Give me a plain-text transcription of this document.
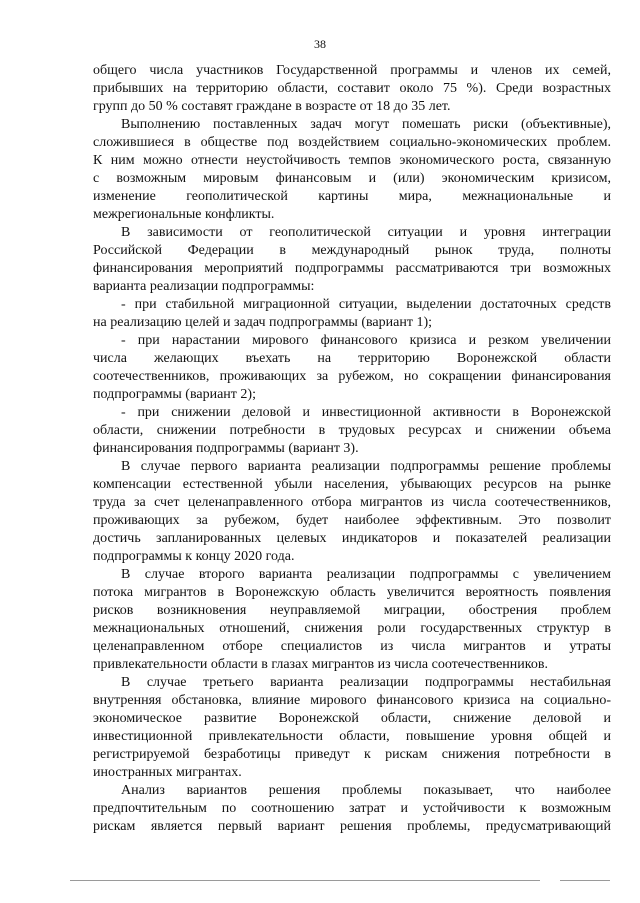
38
общего числа участников Государственной программы и членов их семей,
прибывших на территорию области, составит около 75 %). Среди возрастных
групп до 50 % составят граждане в возрасте от 18 до 35 лет.
Выполнению поставленных задач могут помешать риски (объективные),
сложившиеся в обществе под воздействием социально-экономических проблем.
К ним можно отнести неустойчивость темпов экономического роста, связанную
с возможным мировым финансовым и (или) экономическим кризисом,
изменение геополитической картины мира, межнациональные и
межрегиональные конфликты.
В зависимости от геополитической ситуации и уровня интеграции
Российской Федерации в международный рынок труда, полноты
финансирования мероприятий подпрограммы рассматриваются три возможных
варианта реализации подпрограммы:
- при стабильной миграционной ситуации, выделении достаточных средств
на реализацию целей и задач подпрограммы (вариант 1);
- при нарастании мирового финансового кризиса и резком увеличении
числа желающих въехать на территорию Воронежской области
соотечественников, проживающих за рубежом, но сокращении финансирования
подпрограммы (вариант 2);
- при снижении деловой и инвестиционной активности в Воронежской
области, снижении потребности в трудовых ресурсах и снижении объема
финансирования подпрограммы (вариант 3).
В случае первого варианта реализации подпрограммы решение проблемы
компенсации естественной убыли населения, убывающих ресурсов на рынке
труда за счет целенаправленного отбора мигрантов из числа соотечественников,
проживающих за рубежом, будет наиболее эффективным. Это позволит
достичь запланированных целевых индикаторов и показателей реализации
подпрограммы к концу 2020 года.
В случае второго варианта реализации подпрограммы с увеличением
потока мигрантов в Воронежскую область увеличится вероятность появления
рисков возникновения неуправляемой миграции, обострения проблем
межнациональных отношений, снижения роли государственных структур в
целенаправленном отборе специалистов из числа мигрантов и утраты
привлекательности области в глазах мигрантов из числа соотечественников.
В случае третьего варианта реализации подпрограммы нестабильная
внутренняя обстановка, влияние мирового финансового кризиса на социально-
экономическое развитие Воронежской области, снижение деловой и
инвестиционной привлекательности области, повышение уровня общей и
регистрируемой безработицы приведут к рискам снижения потребности в
иностранных мигрантах.
Анализ вариантов решения проблемы показывает, что наиболее
предпочтительным по соотношению затрат и устойчивости к возможным
рискам является первый вариант решения проблемы, предусматривающий
